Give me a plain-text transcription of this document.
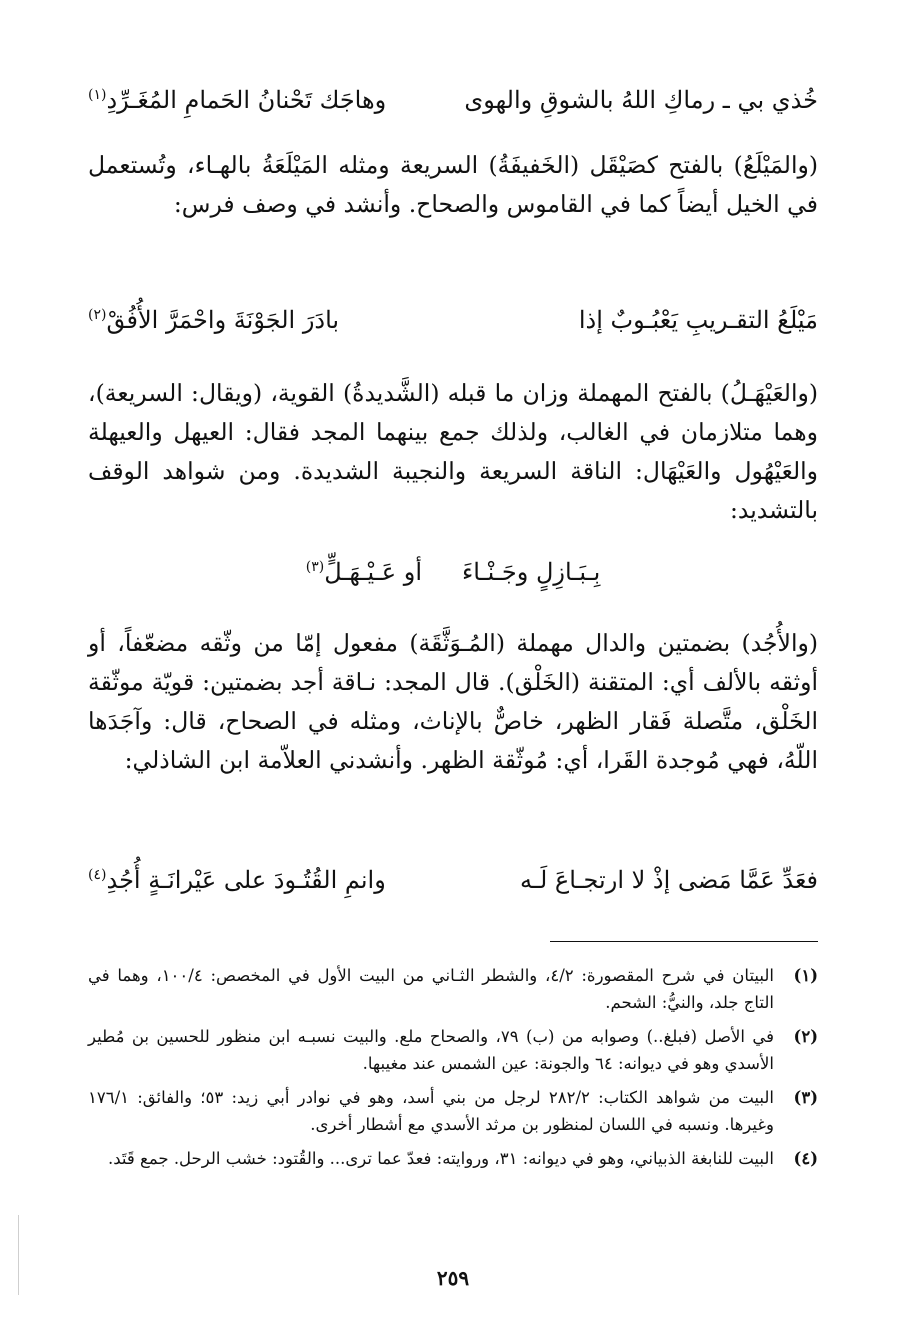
خُذي بي ـ رماكِ اللهُ بالشوقِ والهوى
وهاجَك تَحْنانُ الحَمامِ المُغَـرِّدِ$^{(١)}$
(والمَيْلَعُ) بالفتح كصَيْقَل (الخَفيفَةُ) السريعة ومثله المَيْلَعَةُ بالهـاء، وتُستعمل في الخيل أيضاً كما في القاموس والصحاح. وأنشد في وصف فرس:
مَيْلَعُ التقـريبِ يَعْبُـوبٌ إذا
بادَرَ الجَوْنَةَ واحْمَرَّ الأُفُقْ$^{(٢)}$
(والعَيْهَـلُ) بالفتح المهملة وزان ما قبله (الشَّديدةُ) القوية، (ويقال: السريعة)، وهما متلازمان في الغالب، ولذلك جمع بينهما المجد فقال: العيهل والعيهلة والعَيْهُول والعَيْهَال: الناقة السريعة والنجيبة الشديدة. ومن شواهد الوقف بالتشديد:
بِـبَـازِلٍ وجَـنْـاءَ
أو عَـيْـهَـلٍّ$^{(٣)}$
(والأُجُد) بضمتين والدال مهملة (المُـوَثَّقَة) مفعول إمّا من وثّقه مضعّفاً، أو أوثقه بالألف أي: المتقنة (الخَلْق). قال المجد: نـاقة أجد بضمتين: قويّة موثّقة الخَلْق، متَّصلة فَقار الظهر، خاصٌّ بالإناث، ومثله في الصحاح، قال: وآجَدَها اللّهُ، فهي مُوجدة القَرا، أي: مُوثّقة الظهر. وأنشدني العلاّمة ابن الشاذلي:
فعَدِّ عَمَّا مَضى إذْ لا ارتجـاعَ لَـه
وانمِ القُتُـودَ على عَيْرانَـةٍ أُجُدِ$^{(٤)}$
(١)
البيتان في شرح المقصورة: ٤/٢، والشطر الثـاني من البيت الأول في المخصص: ١٠٠/٤، وهما في التاج جلد، والنيُّ: الشحم.
(٢)
في الأصل (فبلغ..) وصوابه من (ب) ٧٩، والصحاح ملع. والبيت نسبـه ابن منظور للحسين بن مُطير الأسدي وهو في ديوانه: ٦٤ والجونة: عين الشمس عند مغيبها.
(٣)
البيت من شواهد الكتاب: ٢٨٢/٢ لرجل من بني أسد، وهو في نوادر أبي زيد: ٥٣؛ والفائق: ١٧٦/١ وغيرها. ونسبه في اللسان لمنظور بن مرثد الأسدي مع أشطار أخرى.
(٤)
البيت للنابغة الذبياني، وهو في ديوانه: ٣١، وروايته: فعدّ عما ترى... والقُتود: خشب الرحل. جمع قَتَد.
٢٥٩
